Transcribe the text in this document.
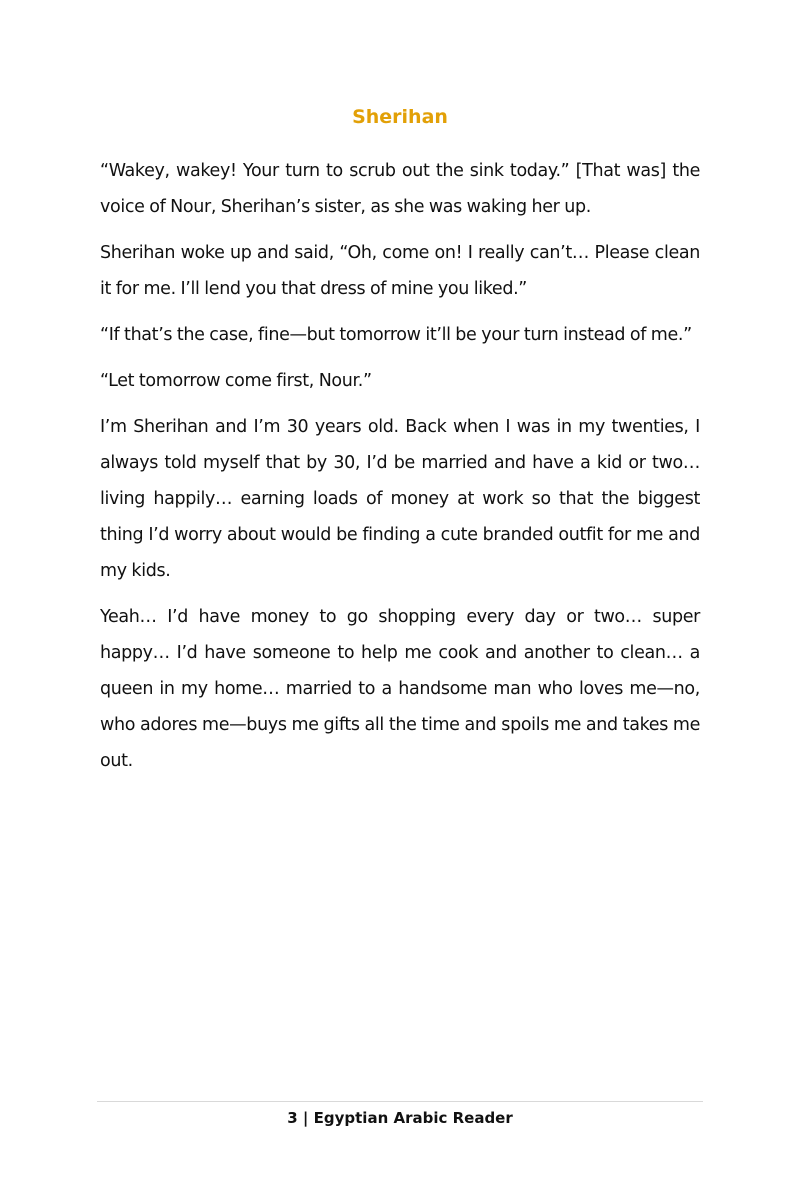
Sherihan

“Wakey, wakey! Your turn to scrub out the sink today.” [That was] the voice of Nour, Sherihan’s sister, as she was waking her up.

Sherihan woke up and said, “Oh, come on! I really can’t… Please clean it for me. I’ll lend you that dress of mine you liked.”

“If that’s the case, fine—but tomorrow it’ll be your turn instead of me.”

“Let tomorrow come first, Nour.”

I’m Sherihan and I’m 30 years old. Back when I was in my twenties, I always told myself that by 30, I’d be married and have a kid or two… living happily… earning loads of money at work so that the biggest thing I’d worry about would be finding a cute branded outfit for me and my kids.

Yeah… I’d have money to go shopping every day or two… super happy… I’d have someone to help me cook and another to clean… a queen in my home… married to a handsome man who loves me—no, who adores me—buys me gifts all the time and spoils me and takes me out.

3 | Egyptian Arabic Reader
